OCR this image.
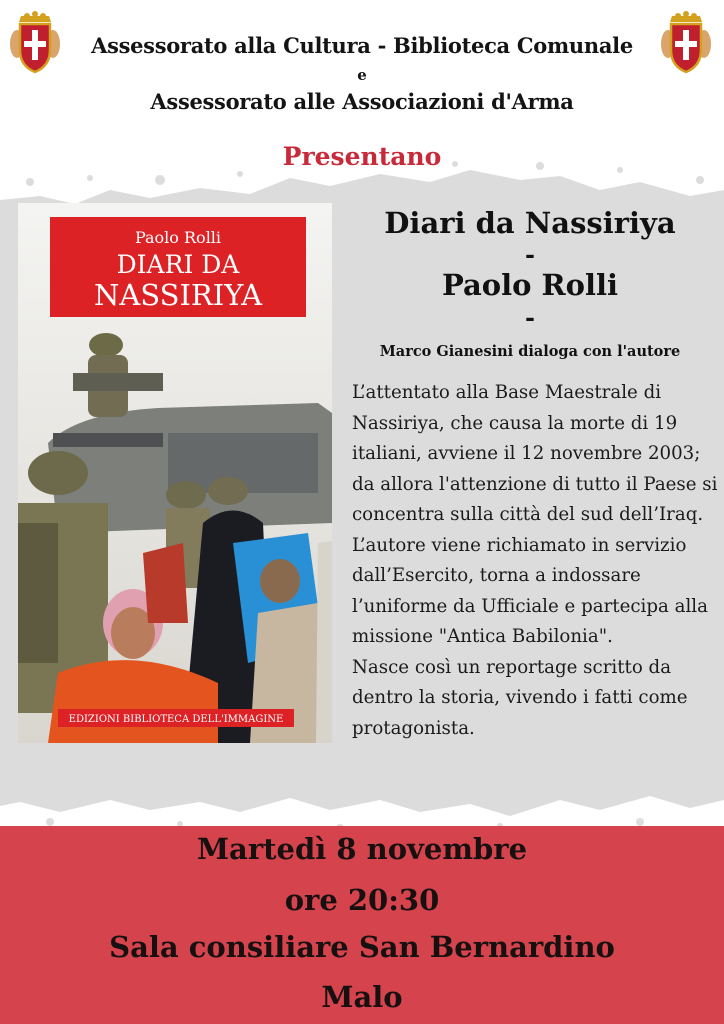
Assessorato alla Cultura - Biblioteca Comunale
e
Assessorato alle Associazioni d'Arma
Presentano
Paolo Rolli
DIARI DA
NASSIRIYA
EDIZIONI BIBLIOTECA DELL'IMMAGINE
Diari da Nassiriya
-
Paolo Rolli
-
Marco Gianesini dialoga con l'autore

L’attentato alla Base Maestrale di Nassiriya, che causa la morte di 19 italiani, avviene il 12 novembre 2003; da allora l'attenzione di tutto il Paese si concentra sulla città del sud dell’Iraq.

L’autore viene richiamato in servizio dall’Esercito, torna a indossare l’uniforme da Ufficiale e partecipa alla missione "Antica Babilonia".

Nasce così un reportage scritto da dentro la storia, vivendo i fatti come protagonista.

Martedì 8 novembre
ore 20:30
Sala consiliare San Bernardino
Malo
